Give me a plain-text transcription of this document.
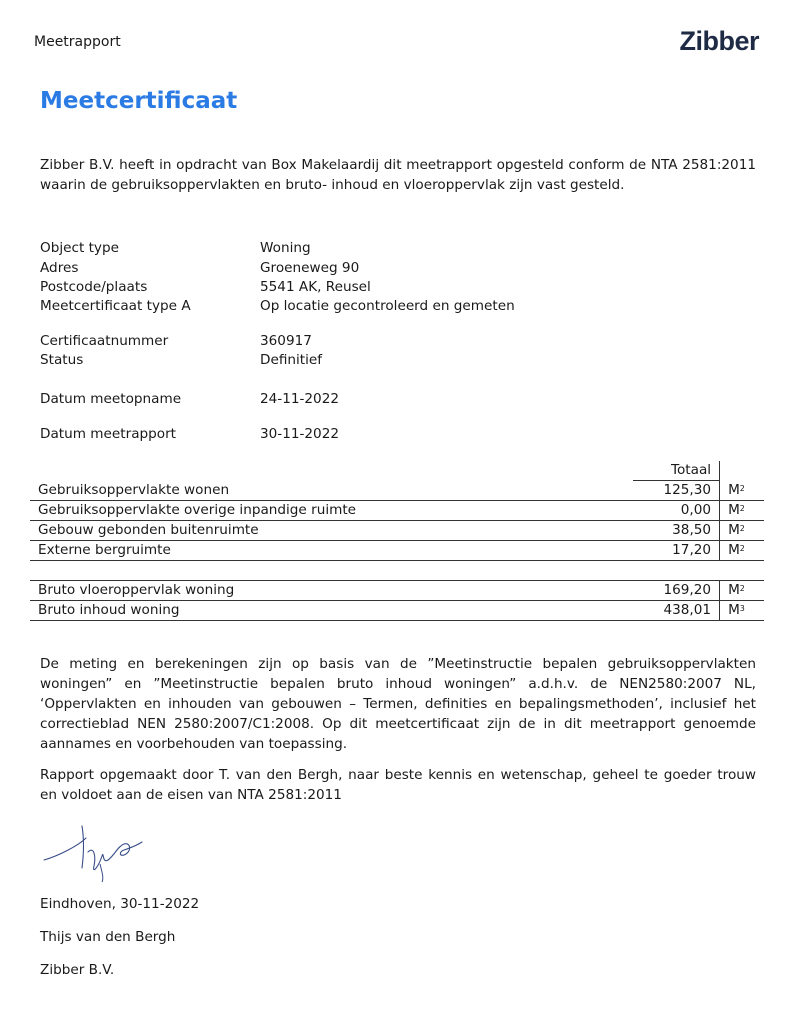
Meetrapport	Zibber
Meetcertificaat
Zibber B.V. heeft in opdracht van Box Makelaardij dit meetrapport opgesteld conform de NTA 2581:2011 waarin de gebruiksoppervlakten en bruto- inhoud en vloeroppervlak zijn vast gesteld.
Object type	Woning
Adres	Groeneweg 90
Postcode/plaats	5541 AK, Reusel
Meetcertificaat type A	Op locatie gecontroleerd en gemeten
Certificaatnummer	360917
Status	Definitief
Datum meetopname	24-11-2022
Datum meetrapport	30-11-2022
	Totaal	
Gebruiksoppervlakte wonen	125,30	$M^2$
Gebruiksoppervlakte overige inpandige ruimte	0,00	$M^2$
Gebouw gebonden buitenruimte	38,50	$M^2$
Externe bergruimte	17,20	$M^2$

Bruto vloeroppervlak woning	169,20	$M^2$
Bruto inhoud woning	438,01	$M^3$
De meting en berekeningen zijn op basis van de ”Meetinstructie bepalen gebruiksoppervlakten woningen” en ”Meetinstructie bepalen bruto inhoud woningen” a.d.h.v. de NEN2580:2007 NL, ‘Oppervlakten en inhouden van gebouwen – Termen, definities en bepalingsmethoden’, inclusief het correctieblad NEN 2580:2007/C1:2008. Op dit meetcertificaat zijn de in dit meetrapport genoemde aannames en voorbehouden van toepassing.
Rapport opgemaakt door T. van den Bergh, naar beste kennis en wetenschap, geheel te goeder trouw en voldoet aan de eisen van NTA 2581:2011
Eindhoven, 30-11-2022
Thijs van den Bergh
Zibber B.V.
